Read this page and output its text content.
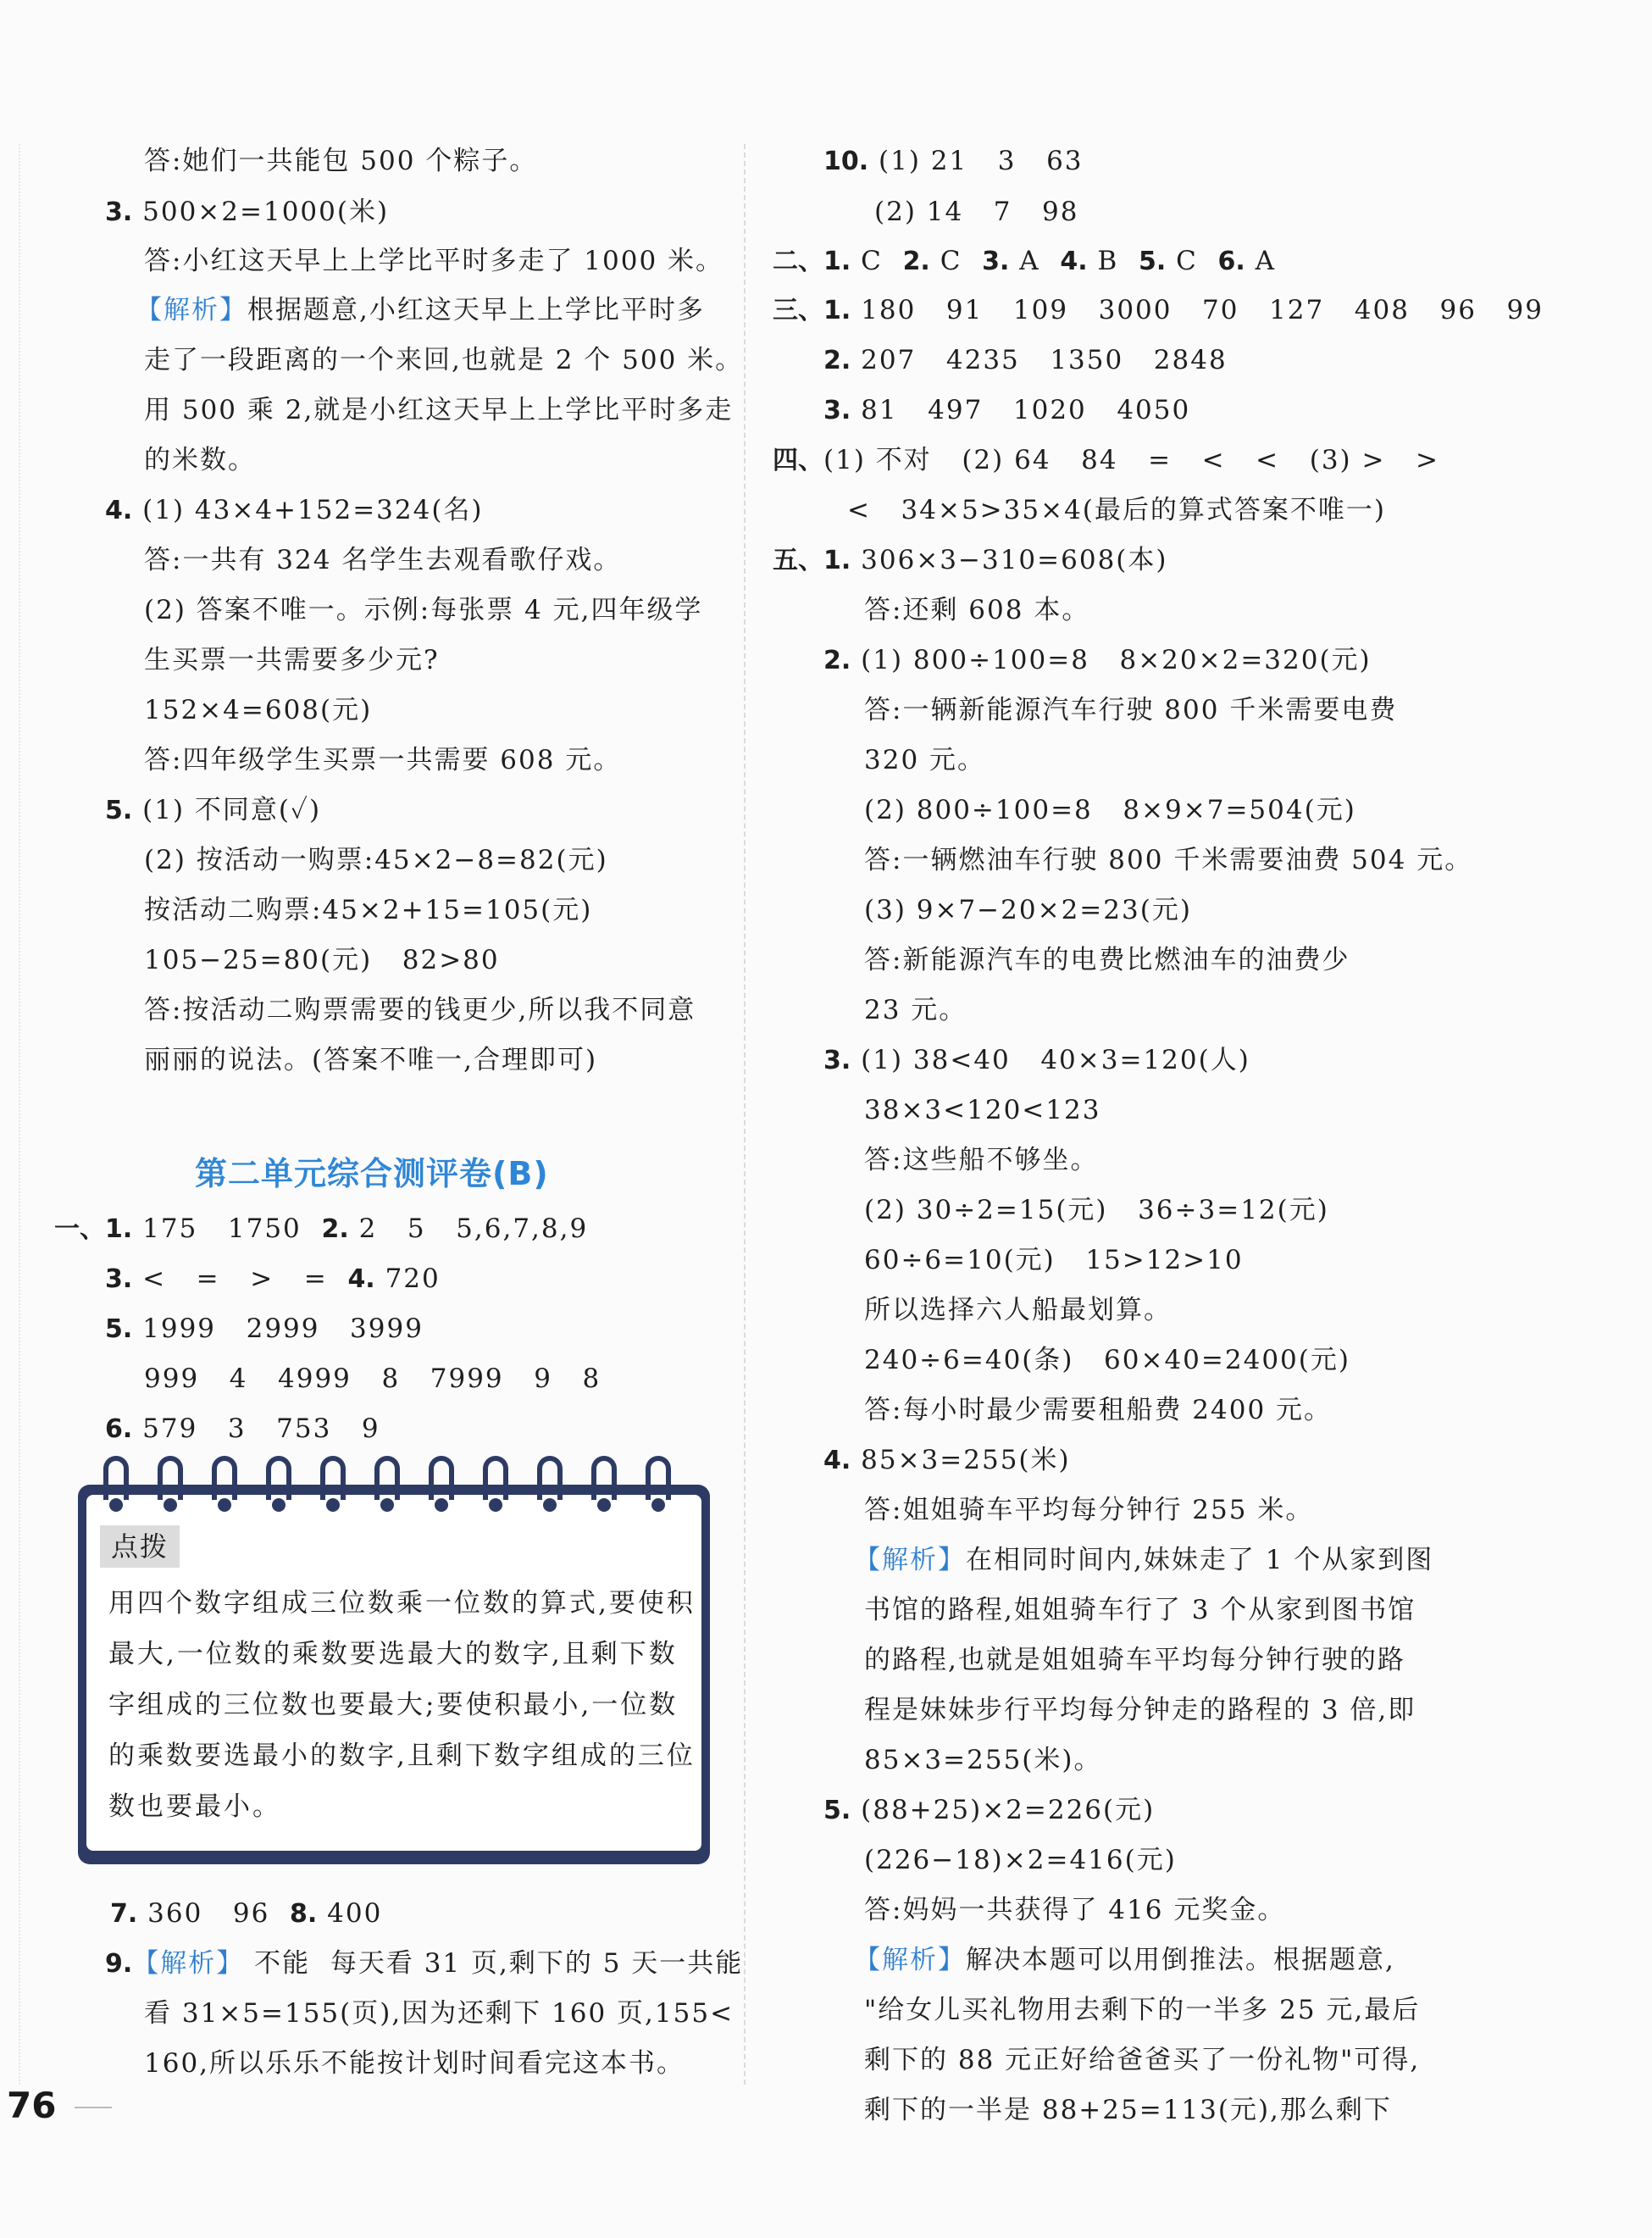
答:她们一共能包 500 个粽子。
3. 500×2=1000(米)
答:小红这天早上上学比平时多走了 1000 米。
【解析】根据题意,小红这天早上上学比平时多
走了一段距离的一个来回,也就是 2 个 500 米。
用 500 乘 2,就是小红这天早上上学比平时多走
的米数。
4. (1) 43×4+152=324(名)
答:一共有 324 名学生去观看歌仔戏。
(2) 答案不唯一。示例:每张票 4 元,四年级学
生买票一共需要多少元?
152×4=608(元)
答:四年级学生买票一共需要 608 元。
5. (1) 不同意(✓)
(2) 按活动一购票:45×2−8=82(元)
按活动二购票:45×2+15=105(元)
105−25=80(元)   82>80
答:按活动二购票需要的钱更少,所以我不同意
丽丽的说法。(答案不唯一,合理即可)
一、1. 175   1750  2. 2   5   5,6,7,8,9
3. <   =   >   =  4. 720
5. 1999   2999   3999
999   4   4999   8   7999   9   8
6. 579   3   753   9
7. 360   96  8. 400
9.【解析】 不能  每天看 31 页,剩下的 5 天一共能
看 31×5=155(页),因为还剩下 160 页,155<
160,所以乐乐不能按计划时间看完这本书。
10. (1) 21   3   63
(2) 14   7   98
二、1. C  2. C  3. A  4. B  5. C  6. A
三、1. 180   91   109   3000   70   127   408   96   99
2. 207   4235   1350   2848
3. 81   497   1020   4050
四、(1) 不对   (2) 64   84   =   <   <   (3) >   >
<   34×5>35×4(最后的算式答案不唯一)
五、1. 306×3−310=608(本)
答:还剩 608 本。
2. (1) 800÷100=8   8×20×2=320(元)
答:一辆新能源汽车行驶 800 千米需要电费
320 元。
(2) 800÷100=8   8×9×7=504(元)
答:一辆燃油车行驶 800 千米需要油费 504 元。
(3) 9×7−20×2=23(元)
答:新能源汽车的电费比燃油车的油费少
23 元。
3. (1) 38<40   40×3=120(人)
38×3<120<123
答:这些船不够坐。
(2) 30÷2=15(元)   36÷3=12(元)
60÷6=10(元)   15>12>10
所以选择六人船最划算。
240÷6=40(条)   60×40=2400(元)
答:每小时最少需要租船费 2400 元。
4. 85×3=255(米)
答:姐姐骑车平均每分钟行 255 米。
【解析】在相同时间内,妹妹走了 1 个从家到图
书馆的路程,姐姐骑车行了 3 个从家到图书馆
的路程,也就是姐姐骑车平均每分钟行驶的路
程是妹妹步行平均每分钟走的路程的 3 倍,即
85×3=255(米)。
5. (88+25)×2=226(元)
(226−18)×2=416(元)
答:妈妈一共获得了 416 元奖金。
【解析】解决本题可以用倒推法。根据题意,
"给女儿买礼物用去剩下的一半多 25 元,最后
剩下的 88 元正好给爸爸买了一份礼物"可得,
剩下的一半是 88+25=113(元),那么剩下
第二单元综合测评卷(B)
点拨
用四个数字组成三位数乘一位数的算式,要使积
最大,一位数的乘数要选最大的数字,且剩下数
字组成的三位数也要最大;要使积最小,一位数
的乘数要选最小的数字,且剩下数字组成的三位
数也要最小。
76
